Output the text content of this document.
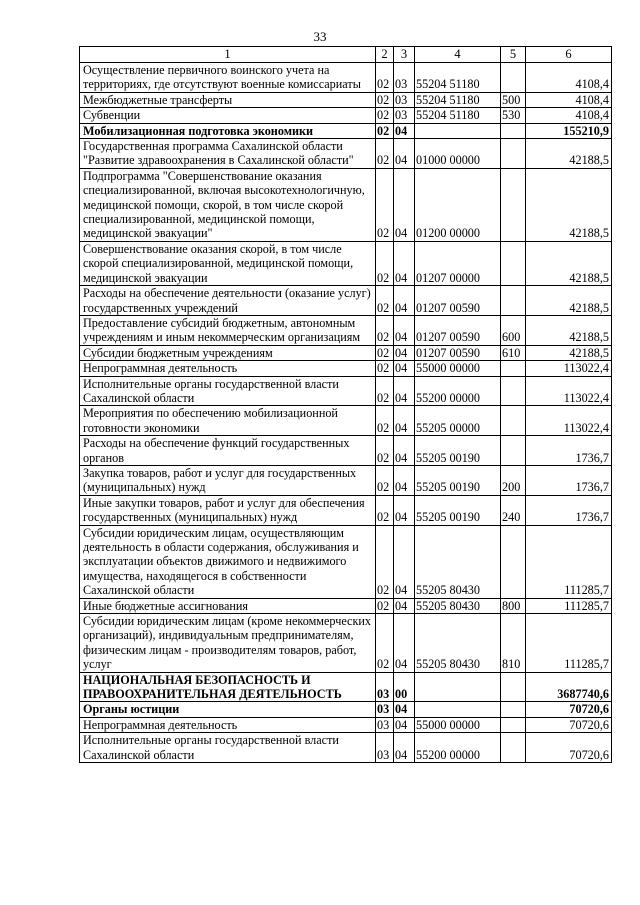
33
1	2	3	4	5	6
Осуществление первичного воинского учета на территориях, где отсутствуют военные комиссариаты	02	03	55204 51180		4108,4
Межбюджетные трансферты	02	03	55204 51180	500	4108,4
Субвенции	02	03	55204 51180	530	4108,4
Мобилизационная подготовка экономики	02	04			155210,9
Государственная программа Сахалинской области "Развитие здравоохранения в Сахалинской области"	02	04	01000 00000		42188,5
Подпрограмма "Совершенствование оказания специализированной, включая высокотехнологичную, медицинской помощи, скорой, в том числе скорой специализированной, медицинской помощи, медицинской эвакуации"	02	04	01200 00000		42188,5
Совершенствование оказания скорой, в том числе скорой специализированной, медицинской помощи, медицинской эвакуации	02	04	01207 00000		42188,5
Расходы на обеспечение деятельности (оказание услуг) государственных учреждений	02	04	01207 00590		42188,5
Предоставление субсидий бюджетным, автономным учреждениям и иным некоммерческим организациям	02	04	01207 00590	600	42188,5
Субсидии бюджетным учреждениям	02	04	01207 00590	610	42188,5
Непрограммная деятельность	02	04	55000 00000		113022,4
Исполнительные органы государственной власти Сахалинской области	02	04	55200 00000		113022,4
Мероприятия по обеспечению мобилизационной готовности экономики	02	04	55205 00000		113022,4
Расходы на обеспечение функций государственных органов	02	04	55205 00190		1736,7
Закупка товаров, работ и услуг для государственных (муниципальных) нужд	02	04	55205 00190	200	1736,7
Иные закупки товаров, работ и услуг для обеспечения государственных (муниципальных) нужд	02	04	55205 00190	240	1736,7
Субсидии юридическим лицам, осуществляющим деятельность в области содержания, обслуживания и эксплуатации объектов движимого и недвижимого имущества, находящегося в собственности Сахалинской области	02	04	55205 80430		111285,7
Иные бюджетные ассигнования	02	04	55205 80430	800	111285,7
Субсидии юридическим лицам (кроме некоммерческих организаций), индивидуальным предпринимателям, физическим лицам - производителям товаров, работ, услуг	02	04	55205 80430	810	111285,7
НАЦИОНАЛЬНАЯ БЕЗОПАСНОСТЬ И ПРАВООХРАНИТЕЛЬНАЯ ДЕЯТЕЛЬНОСТЬ	03	00			3687740,6
Органы юстиции	03	04			70720,6
Непрограммная деятельность	03	04	55000 00000		70720,6
Исполнительные органы государственной власти Сахалинской области	03	04	55200 00000		70720,6
